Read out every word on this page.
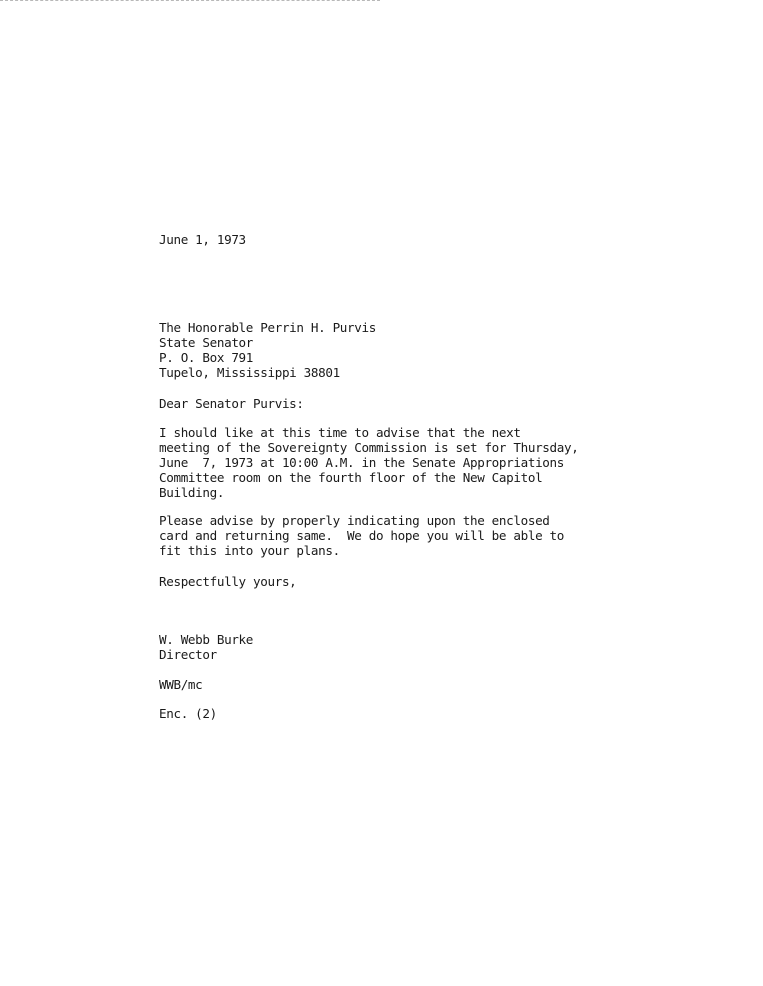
June 1, 1973

The Honorable Perrin H. Purvis

State Senator

P. O. Box 791

Tupelo, Mississippi 38801

Dear Senator Purvis:

I should like at this time to advise that the next

meeting of the Sovereignty Commission is set for Thursday,

June  7, 1973 at 10:00 A.M. in the Senate Appropriations

Committee room on the fourth floor of the New Capitol

Building.

Please advise by properly indicating upon the enclosed

card and returning same.  We do hope you will be able to

fit this into your plans.

Respectfully yours,

W. Webb Burke

Director

WWB/mc

Enc. (2)
